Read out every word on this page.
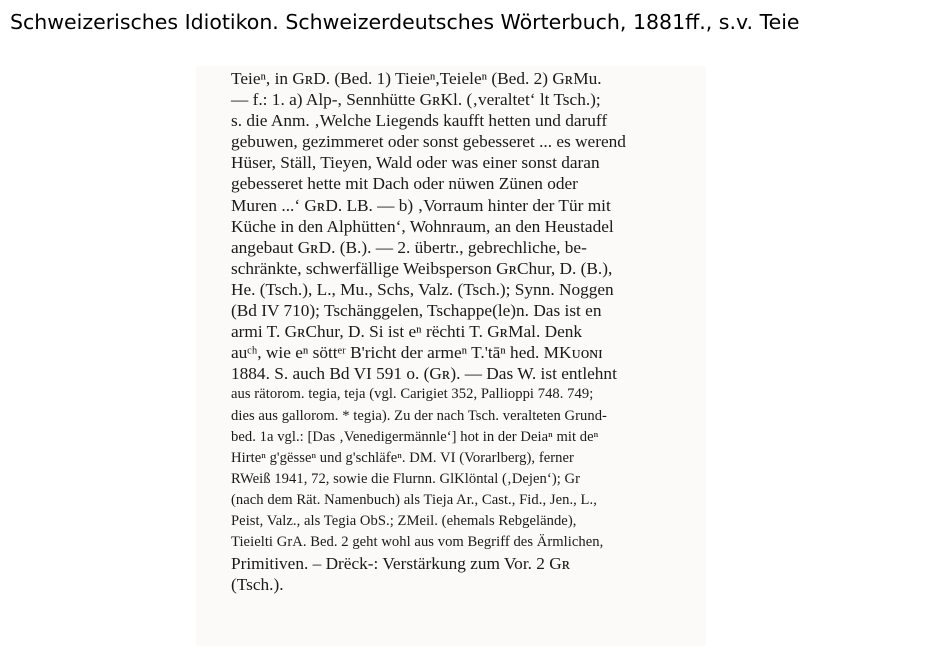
Schweizerisches Idiotikon. Schweizerdeutsches Wörterbuch, 1881ff., s.v. Teie
Teieⁿ, in GʀD. (Bed. 1) Tieieⁿ,Teieleⁿ (Bed. 2) GʀMu.
— f.: 1. a) Alp-, Sennhütte GʀKl. (‚veraltet‘ lt Tsch.);
s. die Anm. ‚Welche Liegends kaufft hetten und daruff
gebuwen, gezimmeret oder sonst gebesseret ... es werend
Hüser, Ställ, Tieyen, Wald oder was einer sonst daran
gebesseret hette mit Dach oder nüwen Zünen oder
Muren ...‘ GʀD. LB. — b) ‚Vorraum hinter der Tür mit
Küche in den Alphütten‘, Wohnraum, an den Heustadel
angebaut GʀD. (B.). — 2. übertr., gebrechliche, be-
schränkte, schwerfällige Weibsperson GʀChur, D. (B.),
He. (Tsch.), L., Mu., Schs, Valz. (Tsch.); Synn. Noggen
(Bd IV 710); Tschänggelen, Tschappe(le)n. Das ist en
armi T. GʀChur, D. Si ist eⁿ rëchti T. GʀMal. Denk
auᶜʰ, wie eⁿ söttᵉʳ B'richt der armeⁿ T.'tāⁿ hed. MKᴜᴏɴɪ
1884. S. auch Bd VI 591 o. (Gʀ). — Das W. ist entlehnt
aus rätorom. tegia, teja (vgl. Carigiet 352, Pallioppi 748. 749;
dies aus gallorom. * tegia). Zu der nach Tsch. veralteten Grund-
bed. 1a vgl.: [Das ‚Venedigermännle‘] hot in der Deiaⁿ mit deⁿ
Hirteⁿ g'gësseⁿ und g'schläfeⁿ. DM. VI (Vorarlberg), ferner
RWeiß 1941, 72, sowie die Flurnn. GlKlöntal (‚Dejen‘); Gr
(nach dem Rät. Namenbuch) als Tieja Ar., Cast., Fid., Jen., L.,
Peist, Valz., als Tegia ObS.; ZMeil. (ehemals Rebgelände),
Tieielti GrA. Bed. 2 geht wohl aus vom Begriff des Ärmlichen,
Primitiven. – Drëck-: Verstärkung zum Vor. 2 Gʀ
(Tsch.).
